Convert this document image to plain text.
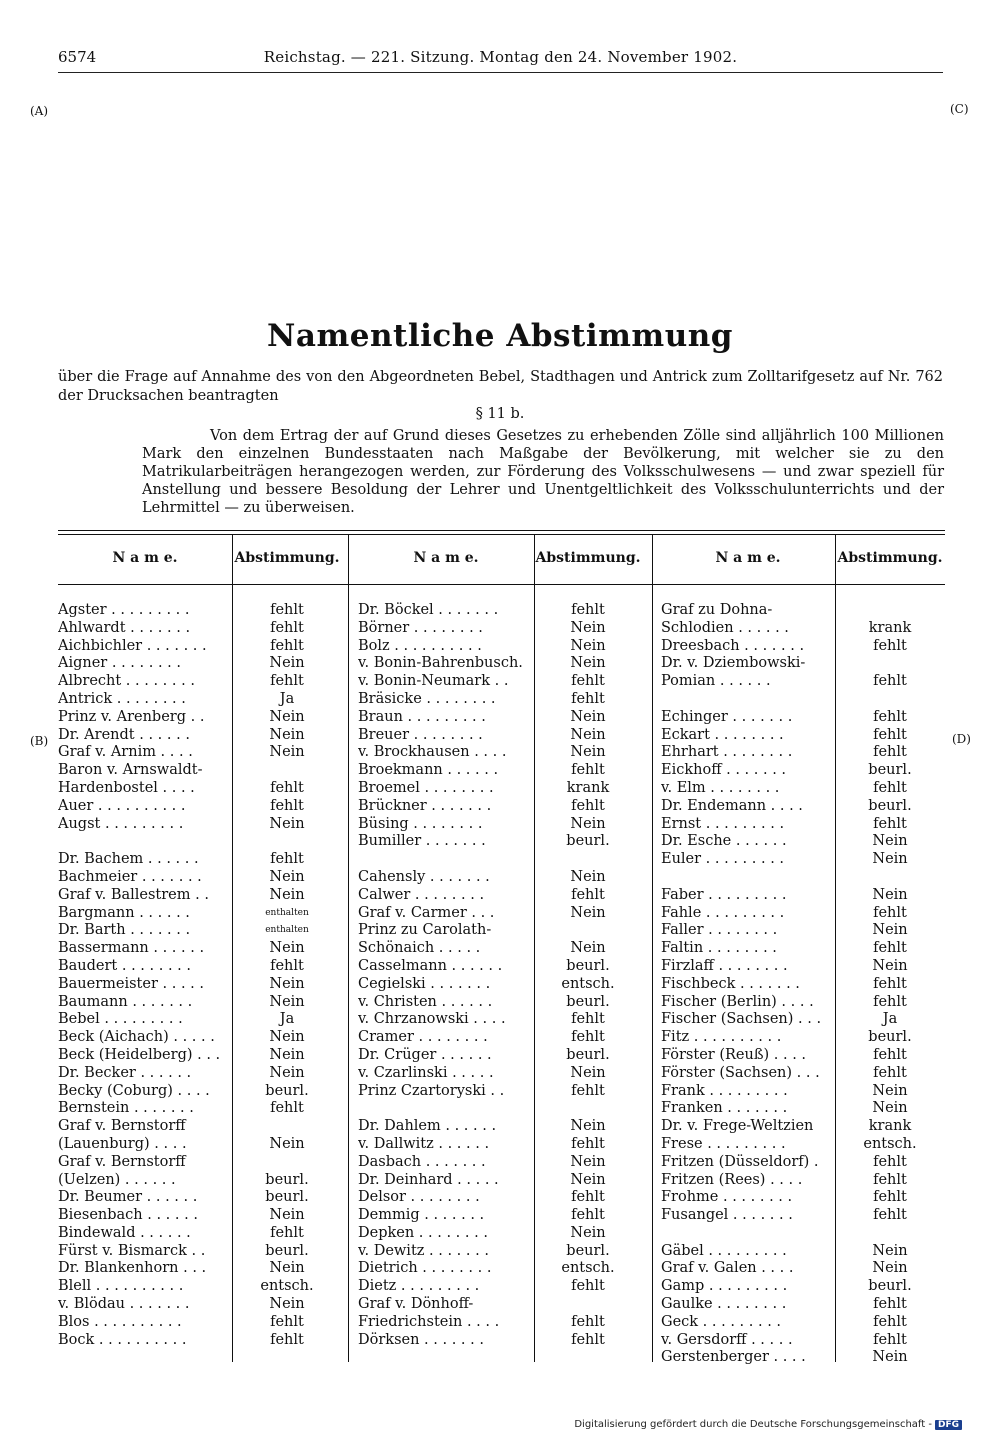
6574	Reichstag. — 221. Sitzung. Montag den 24. November 1902.
(A)	(C)
(B)	(D)
Namentliche Abstimmung
über die Frage auf Annahme des von den Abgeordneten Bebel, Stadthagen und Antrick zum Zolltarifgesetz auf Nr. 762 der Drucksachen beantragten
§ 11 b.

Von dem Ertrag der auf Grund dieses Gesetzes zu erhebenden Zölle sind alljährlich 100 Millionen Mark den einzelnen Bundesstaaten nach Maßgabe der Bevölkerung, mit welcher sie zu den Matrikularbeiträgen herangezogen werden, zur Förderung des Volksschulwesens — und zwar speziell für Anstellung und bessere Besoldung der Lehrer und Unentgeltlichkeit des Volksschulunterrichts und der Lehrmittel — zu überweisen.

N a m e.	Abstimmung.
Agster . . . . . . . . .	fehlt
Ahlwardt . . . . . . .	fehlt
Aichbichler . . . . . . .	fehlt
Aigner . . . . . . . .	Nein
Albrecht . . . . . . . .	fehlt
Antrick . . . . . . . .	Ja
Prinz v. Arenberg . .	Nein
Dr. Arendt . . . . . .	Nein
Graf v. Arnim . . . .	Nein
Baron v. Arnswaldt-
Hardenbostel . . . .	fehlt
Auer . . . . . . . . . .	fehlt
Augst . . . . . . . . .	Nein
Dr. Bachem . . . . . .	fehlt
Bachmeier . . . . . . .	Nein
Graf v. Ballestrem . .	Nein
Bargmann . . . . . .	enthalten
Dr. Barth . . . . . . .	enthalten
Bassermann . . . . . .	Nein
Baudert . . . . . . . .	fehlt
Bauermeister . . . . .	Nein
Baumann . . . . . . .	Nein
Bebel . . . . . . . . .	Ja
Beck (Aichach) . . . . .	Nein
Beck (Heidelberg) . . .	Nein
Dr. Becker . . . . . .	Nein
Becky (Coburg) . . . .	beurl.
Bernstein . . . . . . .	fehlt
Graf v. Bernstorff
(Lauenburg) . . . .	Nein
Graf v. Bernstorff
(Uelzen) . . . . . .	beurl.
Dr. Beumer . . . . . .	beurl.
Biesenbach . . . . . .	Nein
Bindewald . . . . . .	fehlt
Fürst v. Bismarck . .	beurl.
Dr. Blankenhorn . . .	Nein
Blell . . . . . . . . . .	entsch.
v. Blödau . . . . . . .	Nein
Blos . . . . . . . . . .	fehlt
Bock . . . . . . . . . .	fehlt
N a m e.	Abstimmung.
Dr. Böckel . . . . . . .	fehlt
Börner . . . . . . . .	Nein
Bolz . . . . . . . . . .	Nein
v. Bonin-Bahrenbusch.	Nein
v. Bonin-Neumark . .	fehlt
Bräsicke . . . . . . . .	fehlt
Braun . . . . . . . . .	Nein
Breuer . . . . . . . .	Nein
v. Brockhausen . . . .	Nein
Broekmann . . . . . .	fehlt
Broemel . . . . . . . .	krank
Brückner . . . . . . .	fehlt
Büsing . . . . . . . .	Nein
Bumiller . . . . . . .	beurl.
Cahensly . . . . . . .	Nein
Calwer . . . . . . . .	fehlt
Graf v. Carmer . . .	Nein
Prinz zu Carolath-
Schönaich . . . . .	Nein
Casselmann . . . . . .	beurl.
Cegielski . . . . . . .	entsch.
v. Christen . . . . . .	beurl.
v. Chrzanowski . . . .	fehlt
Cramer . . . . . . . .	fehlt
Dr. Crüger . . . . . .	beurl.
v. Czarlinski . . . . .	Nein
Prinz Czartoryski . .	fehlt
Dr. Dahlem . . . . . .	Nein
v. Dallwitz . . . . . .	fehlt
Dasbach . . . . . . .	Nein
Dr. Deinhard . . . . .	Nein
Delsor . . . . . . . .	fehlt
Demmig . . . . . . .	fehlt
Depken . . . . . . . .	Nein
v. Dewitz . . . . . . .	beurl.
Dietrich . . . . . . . .	entsch.
Dietz . . . . . . . . .	fehlt
Graf v. Dönhoff-
Friedrichstein . . . .	fehlt
Dörksen . . . . . . .	fehlt
N a m e.	Abstimmung.
Graf zu Dohna-
Schlodien . . . . . .	krank
Dreesbach . . . . . . .	fehlt
Dr. v. Dziembowski-
Pomian . . . . . .	fehlt
Echinger . . . . . . .	fehlt
Eckart . . . . . . . .	fehlt
Ehrhart . . . . . . . .	fehlt
Eickhoff . . . . . . .	beurl.
v. Elm . . . . . . . .	fehlt
Dr. Endemann . . . .	beurl.
Ernst . . . . . . . . .	fehlt
Dr. Esche . . . . . .	Nein
Euler . . . . . . . . .	Nein
Faber . . . . . . . . .	Nein
Fahle . . . . . . . . .	fehlt
Faller . . . . . . . .	Nein
Faltin . . . . . . . .	fehlt
Firzlaff . . . . . . . .	Nein
Fischbeck . . . . . . .	fehlt
Fischer (Berlin) . . . .	fehlt
Fischer (Sachsen) . . .	Ja
Fitz . . . . . . . . . .	beurl.
Förster (Reuß) . . . .	fehlt
Förster (Sachsen) . . .	fehlt
Frank . . . . . . . . .	Nein
Franken . . . . . . .	Nein
Dr. v. Frege-Weltzien	krank
Frese . . . . . . . . .	entsch.
Fritzen (Düsseldorf) .	fehlt
Fritzen (Rees) . . . .	fehlt
Frohme . . . . . . . .	fehlt
Fusangel . . . . . . .	fehlt
Gäbel . . . . . . . . .	Nein
Graf v. Galen . . . .	Nein
Gamp . . . . . . . . .	beurl.
Gaulke . . . . . . . .	fehlt
Geck . . . . . . . . .	fehlt
v. Gersdorff . . . . .	fehlt
Gerstenberger . . . .	Nein
Digitalisierung gefördert durch die Deutsche Forschungsgemeinschaft - DFG
